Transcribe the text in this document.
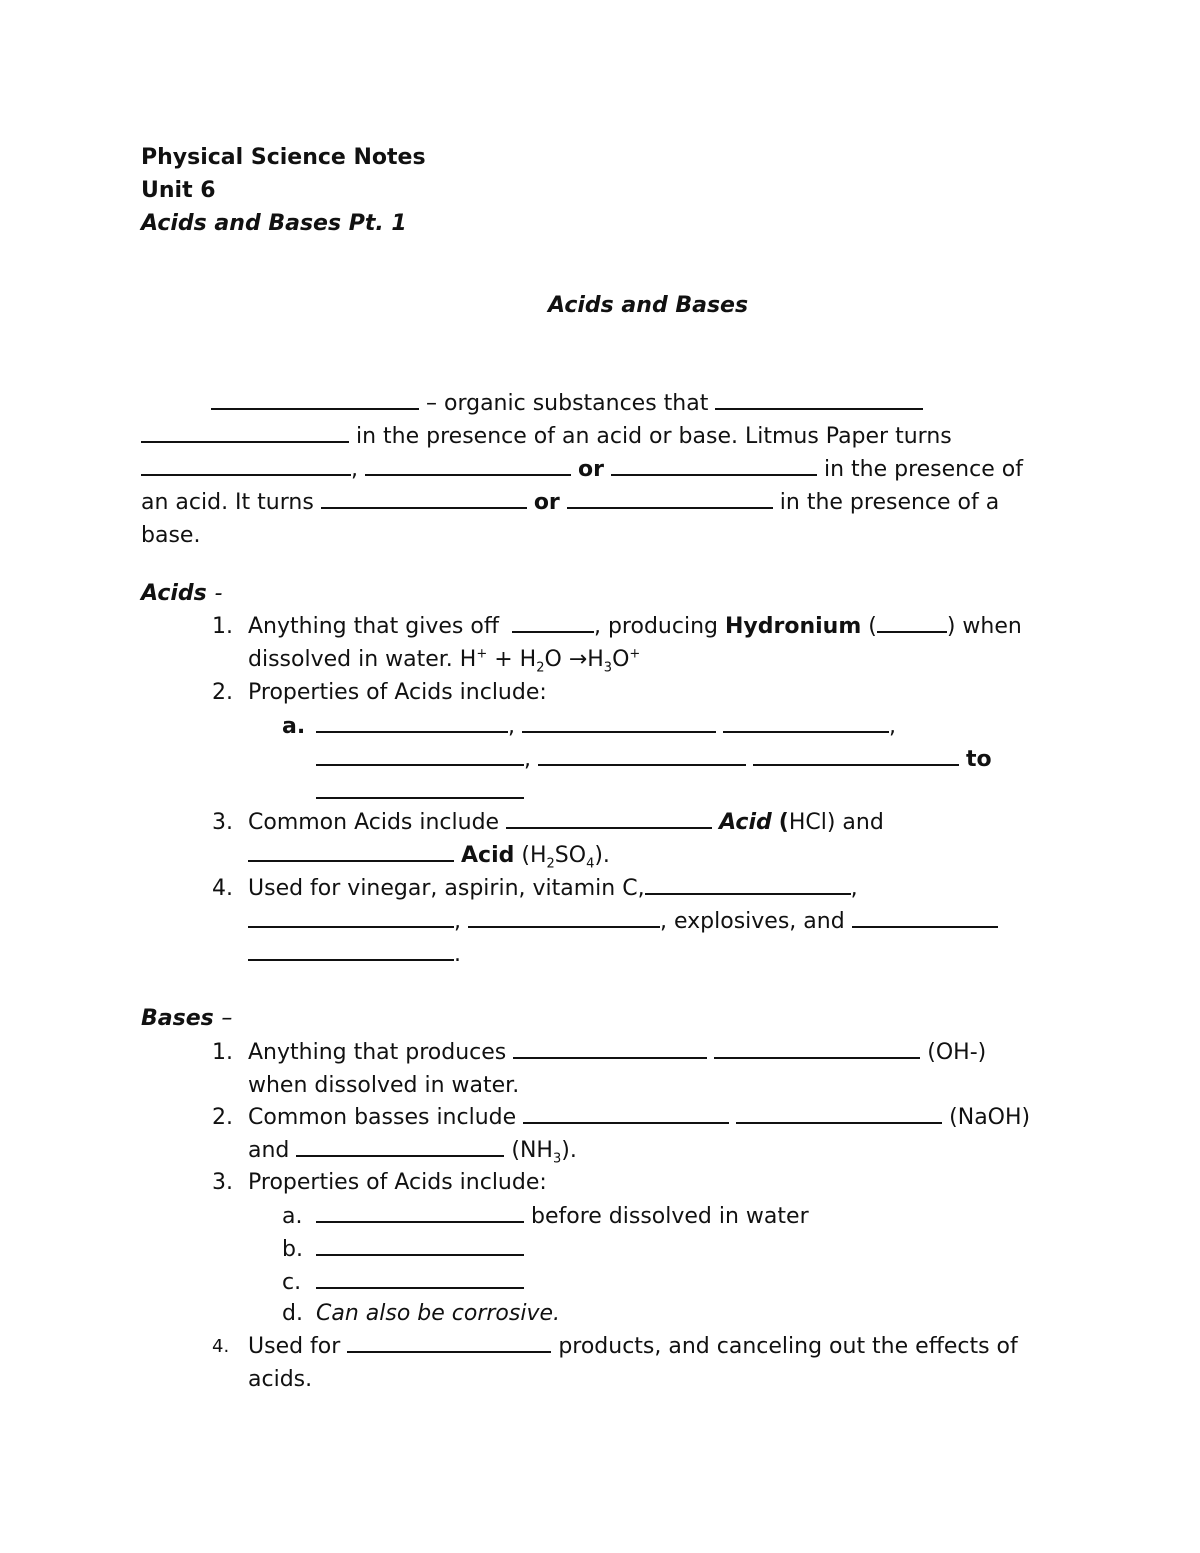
Physical Science Notes
Unit 6
Acids and Bases Pt. 1
Acids and Bases
– organic substances that
in the presence of an acid or base. Litmus Paper turns
,	or	in the presence of
an acid. It turns	or	in the presence of a
base.
Acids -
1. Anything that gives off	, producing Hydronium (	) when
dissolved in water. $H^+ + H_2O \to H_3O^+$
2. Properties of Acids include:
a.	,	,
,	to
3. Common Acids include	Acid (HCl) and
Acid $(H_2SO_4)$.
4. Used for vinegar, aspirin, vitamin C,	,
,	, explosives, and
.
Bases –
1. Anything that produces	(OH-)
when dissolved in water.
2. Common basses include	(NaOH)
and	$(NH_3)$.
3. Properties of Acids include:
a.	before dissolved in water
b.
c.
d. Can also be corrosive.
4. Used for	products, and canceling out the effects of
acids.
